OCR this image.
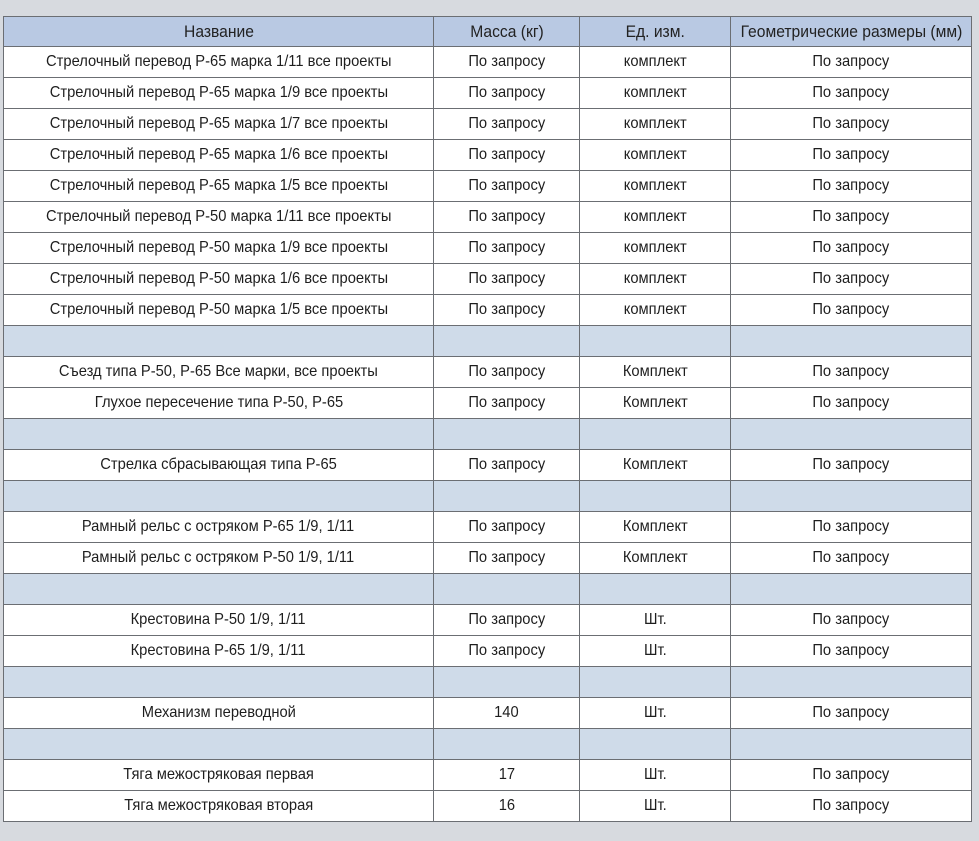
Название	Масса (кг)	Ед. изм.	Геометрические размеры (мм)
Стрелочный перевод Р-65 марка 1/11 все проекты	По запросу	комплект	По запросу
Стрелочный перевод Р-65 марка 1/9 все проекты	По запросу	комплект	По запросу
Стрелочный перевод Р-65 марка 1/7 все проекты	По запросу	комплект	По запросу
Стрелочный перевод Р-65 марка 1/6 все проекты	По запросу	комплект	По запросу
Стрелочный перевод Р-65 марка 1/5 все проекты	По запросу	комплект	По запросу
Стрелочный перевод Р-50 марка 1/11 все проекты	По запросу	комплект	По запросу
Стрелочный перевод Р-50 марка 1/9 все проекты	По запросу	комплект	По запросу
Стрелочный перевод Р-50 марка 1/6 все проекты	По запросу	комплект	По запросу
Стрелочный перевод Р-50 марка 1/5 все проекты	По запросу	комплект	По запросу

Съезд типа Р-50, Р-65 Все марки, все проекты	По запросу	Комплект	По запросу
Глухое пересечение типа Р-50, Р-65	По запросу	Комплект	По запросу

Стрелка сбрасывающая типа Р-65	По запросу	Комплект	По запросу

Рамный рельс с остряком Р-65 1/9, 1/11	По запросу	Комплект	По запросу
Рамный рельс с остряком Р-50 1/9, 1/11	По запросу	Комплект	По запросу

Крестовина Р-50 1/9, 1/11	По запросу	Шт.	По запросу
Крестовина Р-65 1/9, 1/11	По запросу	Шт.	По запросу

Механизм переводной	140	Шт.	По запросу

Тяга межостряковая первая	17	Шт.	По запросу
Тяга межостряковая вторая	16	Шт.	По запросу
